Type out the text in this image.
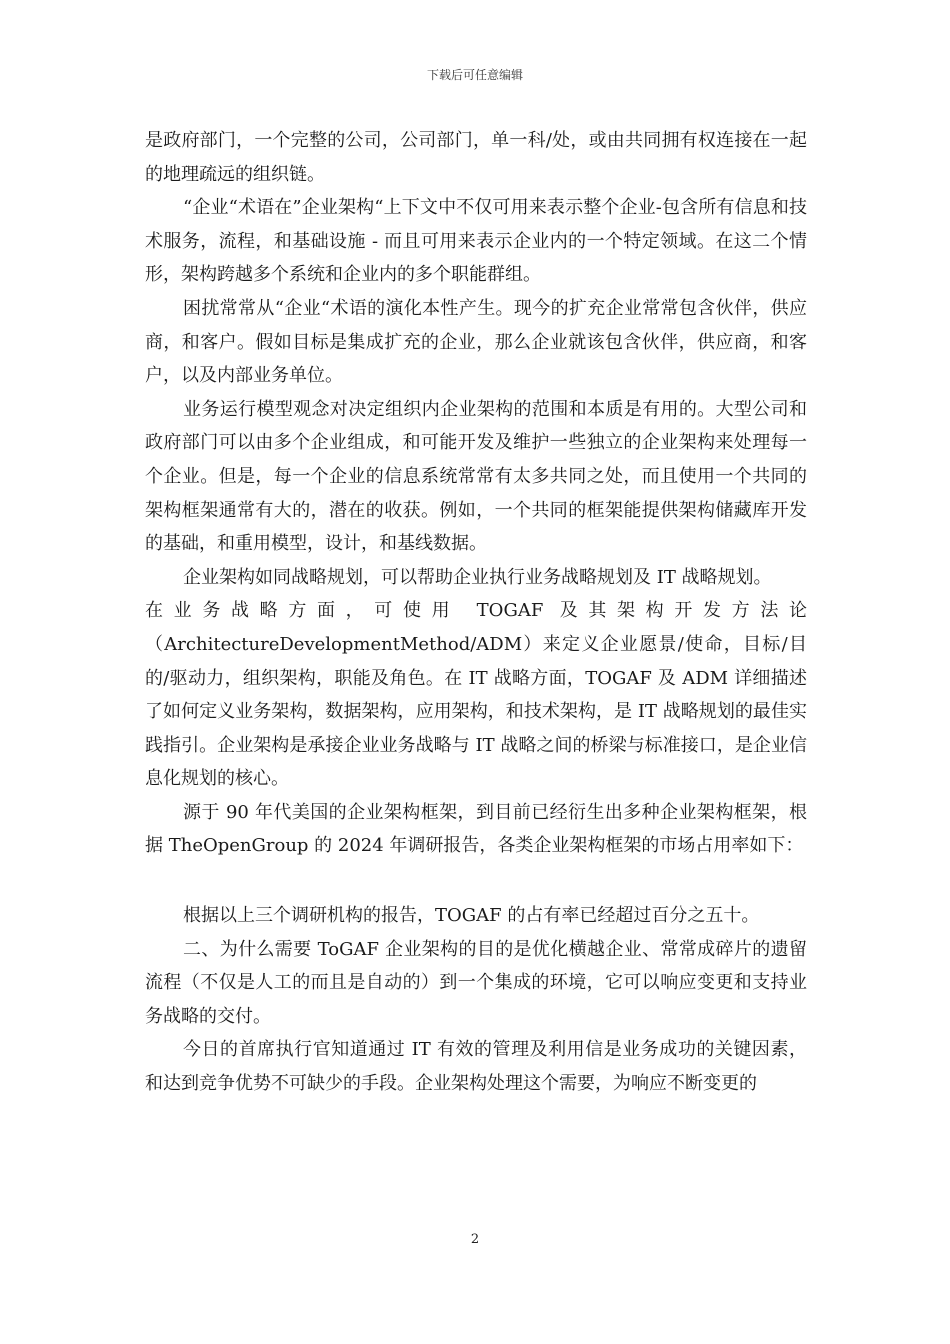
下载后可任意编辑

是政府部门，一个完整的公司，公司部门，单一科/处，或由共同拥有权连接在一起的地理疏远的组织链。

“企业“术语在”企业架构“上下文中不仅可用来表示整个企业-包含所有信息和技术服务，流程，和基础设施 - 而且可用来表示企业内的一个特定领域。在这二个情形，架构跨越多个系统和企业内的多个职能群组。

困扰常常从“企业“术语的演化本性产生。现今的扩充企业常常包含伙伴，供应商，和客户。假如目标是集成扩充的企业，那么企业就该包含伙伴，供应商，和客户，以及内部业务单位。

业务运行模型观念对决定组织内企业架构的范围和本质是有用的。大型公司和政府部门可以由多个企业组成，和可能开发及维护一些独立的企业架构来处理每一个企业。但是，每一个企业的信息系统常常有太多共同之处，而且使用一个共同的架构框架通常有大的，潜在的收获。例如，一个共同的框架能提供架构储藏库开发的基础，和重用模型，设计，和基线数据。

企业架构如同战略规划，可以帮助企业执行业务战略规划及 IT 战略规划。

在业务战略方面，可使用 TOGAF 及其架构开发方法论

（ArchitectureDevelopmentMethod/ADM）来定义企业愿景/使命，目标/目的/驱动力，组织架构，职能及角色。在 IT 战略方面，TOGAF 及 ADM 详细描述了如何定义业务架构，数据架构，应用架构，和技术架构，是 IT 战略规划的最佳实践指引。企业架构是承接企业业务战略与 IT 战略之间的桥梁与标准接口，是企业信息化规划的核心。

源于 90 年代美国的企业架构框架，到目前已经衍生出多种企业架构框架，根据 TheOpenGroup 的 2024 年调研报告，各类企业架构框架的市场占用率如下：

根据以上三个调研机构的报告，TOGAF 的占有率已经超过百分之五十。

二、为什么需要 ToGAF 企业架构的目的是优化横越企业、常常成碎片的遗留流程（不仅是人工的而且是自动的）到一个集成的环境，它可以响应变更和支持业务战略的交付。

今日的首席执行官知道通过 IT 有效的管理及利用信是业务成功的关键因素，和达到竞争优势不可缺少的手段。企业架构处理这个需要，为响应不断变更的

2
